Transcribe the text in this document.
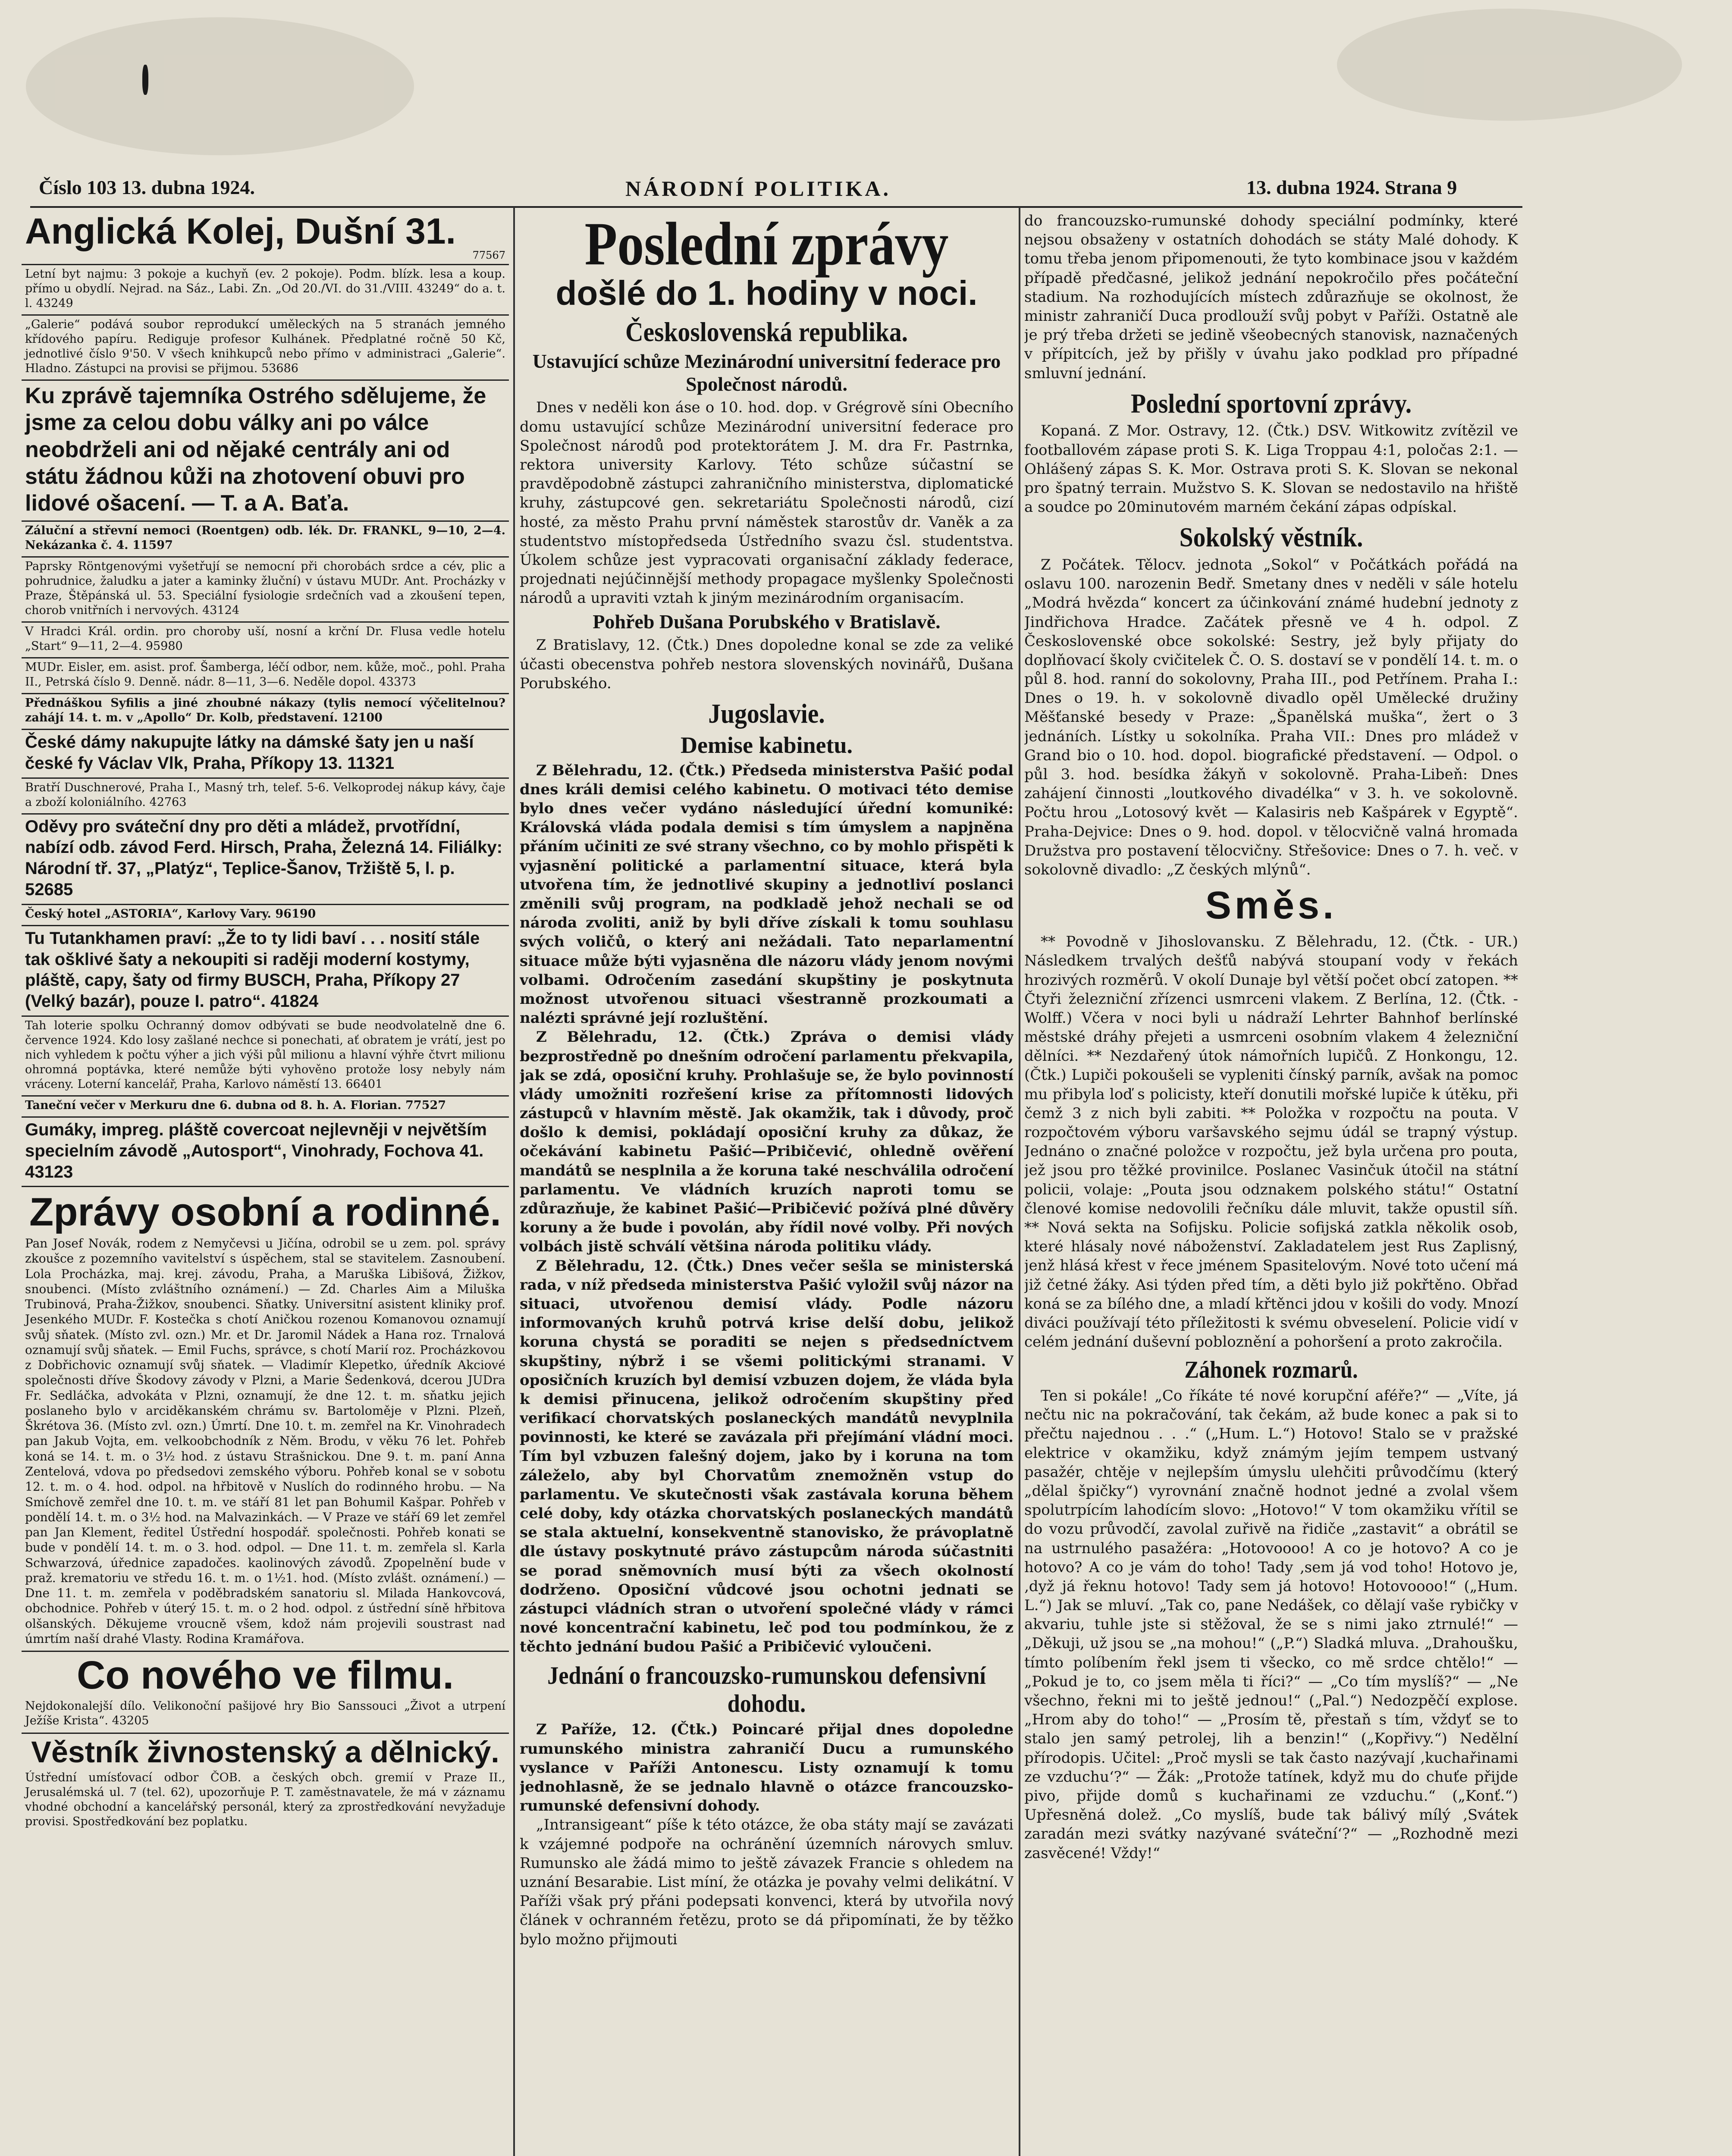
Číslo 103 13. dubna 1924.	NÁRODNÍ POLITIKA.	13. dubna 1924. Strana 9
Anglická Kolej, Dušní 31.
77567
Letní byt najmu: 3 pokoje a kuchyň (ev. 2 pokoje). Podm. blízk. lesa a koup. přímo u obydlí. Nejrad. na Sáz., Labi. Zn. „Od 20./VI. do 31./VIII. 43249“ do a. t. l. 43249
„Galerie“ podává soubor reprodukcí uměleckých na 5 stranách jemného křídového papíru. Rediguje profesor Kulhánek. Předplatné ročně 50 Kč, jednotlivé číslo 9'50. V všech knihkupců nebo přímo v administraci „Galerie“. Hladno. Zástupci na provisi se přijmou. 53686
Ku zprávě tajemníka Ostrého sdělujeme, že jsme za celou dobu války ani po válce neobdrželi ani od nějaké centrály ani od státu žádnou kůži na zhotovení obuvi pro lidové ošacení. — T. a A. Baťa.
Záluční a střevní nemoci (Roentgen) odb. lék. Dr. FRANKL, 9—10, 2—4. Nekázanka č. 4. 11597
Paprsky Röntgenovými vyšetřují se nemocní při chorobách srdce a cév, plic a pohrudnice, žaludku a jater a kaminky žluční) v ústavu MUDr. Ant. Procházky v Praze, Štěpánská ul. 53. Speciální fysiologie srdečních vad a zkoušení tepen, chorob vnitřních i nervových. 43124
V Hradci Král. ordin. pro choroby uší, nosní a krční Dr. Flusa vedle hotelu „Start“ 9—11, 2—4. 95980
MUDr. Eisler, em. asist. prof. Šamberga, léčí odbor, nem. kůže, moč., pohl. Praha II., Petrská číslo 9. Denně. nádr. 8—11, 3—6. Neděle dopol. 43373
Přednáškou Syfilis a jiné zhoubné nákazy (tylis nemocí výčelitelnou? zahájí 14. t. m. v „Apollo“ Dr. Kolb, představení. 12100
České dámy nakupujte látky na dámské šaty jen u naší české fy Václav Vlk, Praha, Příkopy 13. 11321
Bratří Duschnerové, Praha I., Masný trh, telef. 5-6. Velkoprodej nákup kávy, čaje a zboží koloniálního. 42763
Oděvy pro sváteční dny pro děti a mládež, prvotřídní, nabízí odb. závod Ferd. Hirsch, Praha, Železná 14. Filiálky: Národní tř. 37, „Platýz“, Teplice-Šanov, Tržiště 5, l. p. 52685
Český hotel „ASTORIA“, Karlovy Vary. 96190
Tu Tutankhamen praví: „Že to ty lidi baví . . . nosití stále tak ošklivé šaty a nekoupiti si raději moderní kostymy, pláště, capy, šaty od firmy BUSCH, Praha, Příkopy 27 (Velký bazár), pouze I. patro“. 41824
Tah loterie spolku Ochranný domov odbývati se bude neodvolatelně dne 6. července 1924. Kdo losy zašlané nechce si ponechati, ať obratem je vrátí, jest po nich vyhledem k počtu výher a jich výši půl milionu a hlavní výhře čtvrt milionu ohromná poptávka, které nemůže býti vyhověno protože losy nebyly nám vráceny. Loterní kancelář, Praha, Karlovo náměstí 13. 66401
Taneční večer v Merkuru dne 6. dubna od 8. h. A. Florian. 77527
Gumáky, impreg. pláště covercoat nejlevněji v největším specielním závodě „Autosport“, Vinohrady, Fochova 41. 43123
Zprávy osobní a rodinné.
Pan Josef Novák, rodem z Nemyčevsi u Jičína, odrobil se u zem. pol. správy zkoušce z pozemního vavitelství s úspěchem, stal se stavitelem. Zasnoubení. Lola Procházka, maj. krej. závodu, Praha, a Maruška Libišová, Žižkov, snoubenci. (Místo zvláštního oznámení.) — Zd. Charles Aim a Miluška Trubinová, Praha-Žižkov, snoubenci. Sňatky. Universitní asistent kliniky prof. Jesenkého MUDr. F. Kostečka s chotí Aničkou rozenou Komanovou oznamují svůj sňatek. (Místo zvl. ozn.) Mr. et Dr. Jaromil Nádek a Hana roz. Trnalová oznamují svůj sňatek. — Emil Fuchs, správce, s chotí Marií roz. Procházkovou z Dobřichovic oznamují svůj sňatek. — Vladimír Klepetko, úředník Akciové společnosti dříve Škodovy závody v Plzni, a Marie Šedenková, dcerou JUDra Fr. Sedláčka, advokáta v Plzni, oznamují, že dne 12. t. m. sňatku jejich poslaneho bylo v arciděkanském chrámu sv. Bartoloměje v Plzni. Plzeň, Škrétova 36. (Místo zvl. ozn.) Úmrtí. Dne 10. t. m. zemřel na Kr. Vinohradech pan Jakub Vojta, em. velkoobchodník z Něm. Brodu, v věku 76 let. Pohřeb koná se 14. t. m. o 3½ hod. z ústavu Strašnickou. Dne 9. t. m. paní Anna Zentelová, vdova po předsedovi zemského výboru. Pohřeb konal se v sobotu 12. t. m. o 4. hod. odpol. na hřbitově v Nuslích do rodinného hrobu. — Na Smíchově zemřel dne 10. t. m. ve stáří 81 let pan Bohumil Kašpar. Pohřeb v pondělí 14. t. m. o 3½ hod. na Malvazinkách. — V Praze ve stáří 69 let zemřel pan Jan Klement, ředitel Ústřední hospodář. společnosti. Pohřeb konati se bude v pondělí 14. t. m. o 3. hod. odpol. — Dne 11. t. m. zemřela sl. Karla Schwarzová, úřednice zapadočes. kaolinových závodů. Zpopelnění bude v praž. krematoriu ve středu 16. t. m. o 1½1. hod. (Místo zvlášt. oznámení.) — Dne 11. t. m. zemřela v poděbradském sanatoriu sl. Milada Hankovcová, obchodnice. Pohřeb v úterý 15. t. m. o 2 hod. odpol. z ústřední síně hřbitova olšanských. Děkujeme vroucně všem, kdož nám projevili soustrast nad úmrtím naší drahé Vlasty. Rodina Kramářova.
Co nového ve filmu.
Nejdokonalejší dílo. Velikonoční pašijové hry Bio Sanssouci „Život a utrpení Ježíše Krista“. 43205
Věstník živnostenský a dělnický.
Ústřední umísťovací odbor ČOB. a českých obch. gremií v Praze II., Jerusalémská ul. 7 (tel. 62), upozorňuje P. T. zaměstnavatele, že má v záznamu vhodné obchodní a kancelářský personál, který za zprostředkování nevyžaduje provisi. Spostředkování bez poplatku.
Poslední zprávy
došlé do 1. hodiny v noci.
Československá republika.
Ustavující schůze Mezinárodní universitní federace pro Společnost národů.

Dnes v neděli kon áse o 10. hod. dop. v Grégrově síni Obecního domu ustavující schůze Mezinárodní universitní federace pro Společnost národů pod protektorátem J. M. dra Fr. Pastrnka, rektora university Karlovy. Této schůze súčastní se pravděpodobně zástupci zahraničního ministerstva, diplomatické kruhy, zástupcové gen. sekretariátu Společnosti národů, cizí hosté, za město Prahu první náměstek starostův dr. Vaněk a za studentstvo místopředseda Ústředního svazu čsl. studentstva. Úkolem schůze jest vypracovati organisační základy federace, projednati nejúčinnější methody propagace myšlenky Společnosti národů a upraviti vztah k jiným mezinárodním organisacím.

Pohřeb Dušana Porubského v Bratislavě.

Z Bratislavy, 12. (Čtk.) Dnes dopoledne konal se zde za veliké účasti obecenstva pohřeb nestora slovenských novinářů, Dušana Porubského.

Jugoslavie.
Demise kabinetu.

Z Bělehradu, 12. (Čtk.) Předseda ministerstva Pašić podal dnes králi demisi celého kabinetu. O motivaci této demise bylo dnes večer vydáno následující úřední komuniké: Královská vláda podala demisi s tím úmyslem a napjněna přáním učiniti ze své strany všechno, co by mohlo přispěti k vyjasnění politické a parlamentní situace, která byla utvořena tím, že jednotlivé skupiny a jednotliví poslanci změnili svůj program, na podkladě jehož nechali se od národa zvoliti, aniž by byli dříve získali k tomu souhlasu svých voličů, o který ani nežádali. Tato neparlamentní situace může býti vyjasněna dle názoru vlády jenom novými volbami. Odročením zasedání skupštiny je poskytnuta možnost utvořenou situaci všestranně prozkoumati a nalézti správné její rozluštění.

Z Bělehradu, 12. (Čtk.) Zpráva o demisi vlády bezprostředně po dnešním odročení parlamentu překvapila, jak se zdá, oposiční kruhy. Prohlašuje se, že bylo povinností vlády umožniti rozřešení krise za přítomnosti lidových zástupců v hlavním městě. Jak okamžik, tak i důvody, proč došlo k demisi, pokládají oposiční kruhy za důkaz, že očekávání kabinetu Pašić—Pribičević, ohledně ověření mandátů se nesplnila a že koruna také neschválila odročení parlamentu. Ve vládních kruzích naproti tomu se zdůrazňuje, že kabinet Pašić—Pribičević požívá plné důvěry koruny a že bude i povolán, aby řídil nové volby. Při nových volbách jistě schválí většina národa politiku vlády.

Z Bělehradu, 12. (Čtk.) Dnes večer sešla se ministerská rada, v níž předseda ministerstva Pašić vyložil svůj názor na situaci, utvořenou demisí vlády. Podle názoru informovaných kruhů potrvá krise delší dobu, jelikož koruna chystá se poraditi se nejen s předsedníctvem skupštiny, nýbrž i se všemi politickými stranami. V oposičních kruzích byl demisí vzbuzen dojem, že vláda byla k demisi přinucena, jelikož odročením skupštiny před verifikací chorvatských poslaneckých mandátů nevyplnila povinnosti, ke které se zavázala při přejímání vládní moci. Tím byl vzbuzen falešný dojem, jako by i koruna na tom záleželo, aby byl Chorvatům znemožněn vstup do parlamentu. Ve skutečnosti však zastávala koruna během celé doby, kdy otázka chorvatských poslaneckých mandátů se stala aktuelní, konsekventně stanovisko, že právoplatně dle ústavy poskytnuté právo zástupcům národa súčastniti se porad sněmovních musí býti za všech okolností dodrženo. Oposiční vůdcové jsou ochotni jednati se zástupci vládních stran o utvoření společné vlády v rámci nové koncentrační kabinetu, leč pod tou podmínkou, že z těchto jednání budou Pašić a Pribičević vyloučeni.

Jednání o francouzsko-rumunskou defensivní dohodu.

Z Paříže, 12. (Čtk.) Poincaré přijal dnes dopoledne rumunského ministra zahraničí Ducu a rumunského vyslance v Paříži Antonescu. Listy oznamují k tomu jednohlasně, že se jednalo hlavně o otázce francouzsko-rumunské defensivní dohody.

„Intransigeant“ píše k této otázce, že oba státy mají se zavázati k vzájemné podpoře na ochránění územních nárovych smluv. Rumunsko ale žádá mimo to ještě závazek Francie s ohledem na uznání Besarabie. List míní, že otázka je povahy velmi delikátní. V Paříži však prý přáni podepsati konvenci, která by utvořila nový článek v ochranném řetězu, proto se dá připomínati, že by těžko bylo možno přijmouti

do francouzsko-rumunské dohody speciální podmínky, které nejsou obsaženy v ostatních dohodách se státy Malé dohody. K tomu třeba jenom připomenouti, že tyto kombinace jsou v každém případě předčasné, jelikož jednání nepokročilo přes počáteční stadium. Na rozhodujících místech zdůrazňuje se okolnost, že ministr zahraničí Duca prodlouží svůj pobyt v Paříži. Ostatně ale je prý třeba držeti se jedině všeobecných stanovisk, naznačených v přípitcích, jež by přišly v úvahu jako podklad pro případné smluvní jednání.

Poslední sportovní zprávy.

Kopaná. Z Mor. Ostravy, 12. (Čtk.) DSV. Witkowitz zvítězil ve footballovém zápase proti S. K. Liga Troppau 4:1, poločas 2:1. — Ohlášený zápas S. K. Mor. Ostrava proti S. K. Slovan se nekonal pro špatný terrain. Mužstvo S. K. Slovan se nedostavilo na hřiště a soudce po 20minutovém marném čekání zápas odpískal.

Sokolský věstník.

Z Počátek. Tělocv. jednota „Sokol“ v Počátkách pořádá na oslavu 100. narozenin Bedř. Smetany dnes v neděli v sále hotelu „Modrá hvězda“ koncert za účinkování známé hudební jednoty z Jindřichova Hradce. Začátek přesně ve 4 h. odpol. Z Československé obce sokolské: Sestry, jež byly přijaty do doplňovací školy cvičitelek Č. O. S. dostaví se v pondělí 14. t. m. o půl 8. hod. ranní do sokolovny, Praha III., pod Petřínem. Praha I.: Dnes o 19. h. v sokolovně divadlo opěl Umělecké družiny Měšťanské besedy v Praze: „Španělská muška“, žert o 3 jednáních. Lístky u sokolníka. Praha VII.: Dnes pro mládež v Grand bio o 10. hod. dopol. biografické představení. — Odpol. o půl 3. hod. besídka žákyň v sokolovně. Praha-Libeň: Dnes zahájení činnosti „loutkového divadélka“ v 3. h. ve sokolovně. Počtu hrou „Lotosový květ — Kalasiris neb Kašpárek v Egyptě“. Praha-Dejvice: Dnes o 9. hod. dopol. v tělocvičně valná hromada Družstva pro postavení tělocvičny. Střešovice: Dnes o 7. h. več. v sokolovně divadlo: „Z českých mlýnů“.

Směs.

** Povodně v Jihoslovansku. Z Bělehradu, 12. (Čtk. - UR.) Následkem trvalých dešťů nabývá stoupaní vody v řekách hrozivých rozměrů. V okolí Dunaje byl větší počet obcí zatopen. ** Čtyři železniční zřízenci usmrceni vlakem. Z Berlína, 12. (Čtk. - Wolff.) Včera v noci byli u nádraží Lehrter Bahnhof berlínské městské dráhy přejeti a usmrceni osobním vlakem 4 železniční dělníci. ** Nezdařený útok námořních lupičů. Z Honkongu, 12. (Čtk.) Lupiči pokoušeli se vypleniti čínský parník, avšak na pomoc mu přibyla loď s policisty, kteří donutili mořské lupiče k útěku, při čemž 3 z nich byli zabiti. ** Položka v rozpočtu na pouta. V rozpočtovém výboru varšavského sejmu údál se trapný výstup. Jednáno o značné položce v rozpočtu, jež byla určena pro pouta, jež jsou pro těžké provinilce. Poslanec Vasinčuk útočil na státní policii, volaje: „Pouta jsou odznakem polského státu!“ Ostatní členové komise nedovolili řečníku dále mluvit, takže opustil síň. ** Nová sekta na Sofijsku. Policie sofijská zatkla několik osob, které hlásaly nové náboženství. Zakladatelem jest Rus Zaplisný, jenž hlásá křest v řece jménem Spasitelovým. Nové toto učení má již četné žáky. Asi týden před tím, a děti bylo již pokřtěno. Obřad koná se za bílého dne, a mladí křtěnci jdou v košili do vody. Mnozí diváci používají této příležitosti k svému obveselení. Policie vidí v celém jednání duševní pobloznění a pohoršení a proto zakročila.

Záhonek rozmarů.

Ten si pokále! „Co říkáte té nové korupční aféře?“ — „Víte, já nečtu nic na pokračování, tak čekám, až bude konec a pak si to přečtu najednou . . .“ („Hum. L.“) Hotovo! Stalo se v pražské elektrice v okamžiku, když známým jejím tempem ustvaný pasažér, chtěje v nejlepším úmyslu ulehčiti průvodčímu (který „dělal špičky“) vyrovnání značně hodnot jedné a zvolal všem spolutrpícím lahodícím slovo: „Hotovo!“ V tom okamžiku vřítil se do vozu průvodčí, zavolal zuřivě na řidiče „zastavit“ a obrátil se na ustrnulého pasažéra: „Hotovoooo! A co je hotovo? A co je hotovo? A co je vám do toho! Tady ‚sem já vod toho! Hotovo je, ‚dyž já řeknu hotovo! Tady sem já hotovo! Hotovoooo!“ („Hum. L.“) Jak se mluví. „Tak co, pane Nedášek, co dělají vaše rybičky v akvariu, tuhle jste si stěžoval, že se s nimi jako ztrnulé!“ — „Děkuji, už jsou se „na mohou!“ („P.“) Sladká mluva. „Drahoušku, tímto políbením řekl jsem ti všecko, co mě srdce chtělo!“ — „Pokud je to, co jsem měla ti říci?“ — „Co tím myslíš?“ — „Ne všechno, řekni mi to ještě jednou!“ („Pal.“) Nedozpěčí explose. „Hrom aby do toho!“ — „Prosím tě, přestaň s tím, vždyť se to stalo jen samý petrolej, lih a benzin!“ („Kopřivy.“) Nedělní přírodopis. Učitel: „Proč mysli se tak často nazývají ‚kuchařinami ze vzduchu‘?“ — Žák: „Protože tatínek, když mu do chuťe přijde pivo, přijde domů s kuchařinami ze vzduchu.“ („Konť.“) Upřesněná dolež. „Co myslíš, bude tak bálivý mílý ‚Svátek zaradán mezi svátky nazývané sváteční‘?“ — „Rozhodně mezi zasvěcené! Vždy!“
